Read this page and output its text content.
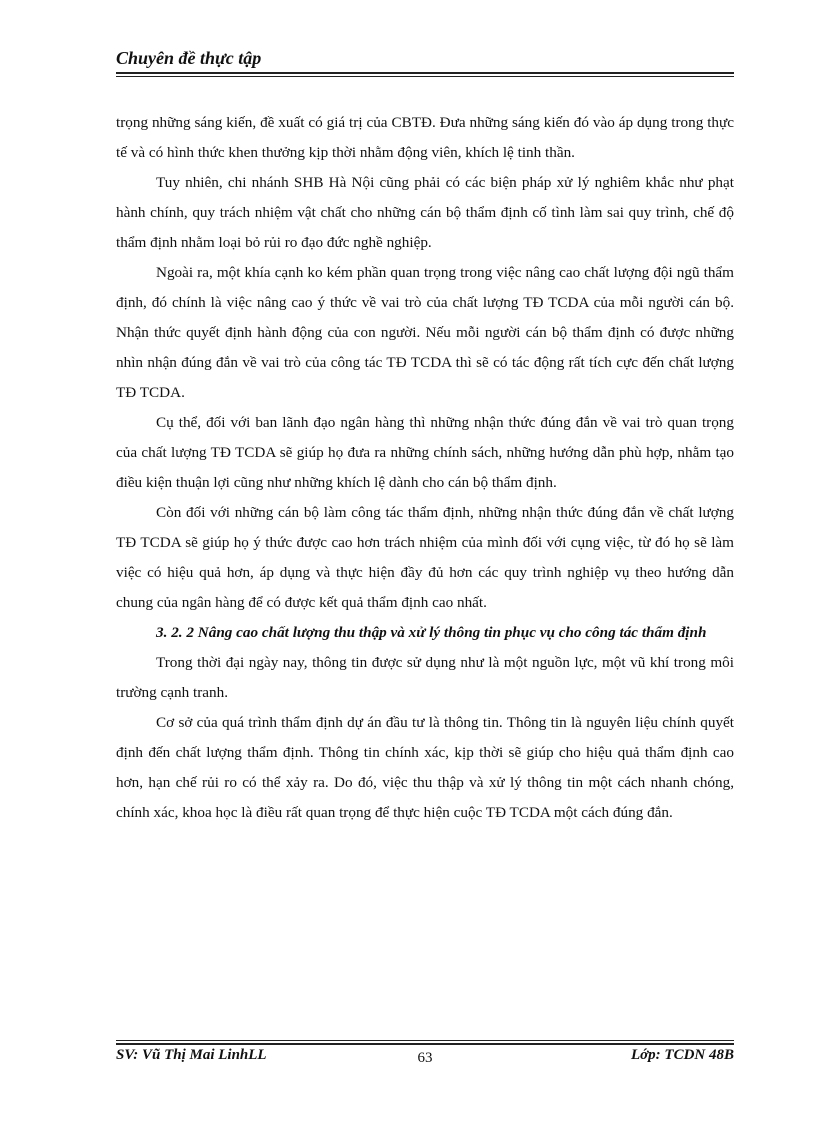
Chuyên đề thực tập

trọng những sáng kiến, đề xuất có giá trị của CBTĐ. Đưa những sáng kiến đó vào áp dụng trong thực tế và có hình thức khen thưởng kịp thời nhằm động viên, khích lệ tinh thần.

Tuy nhiên, chi nhánh SHB Hà Nội cũng phải có các biện pháp xử lý nghiêm khắc như phạt hành chính, quy trách nhiệm vật chất cho những cán bộ thẩm định cố tình làm sai quy trình, chế độ thẩm định nhằm loại bỏ rủi ro đạo đức nghề nghiệp.

Ngoài ra, một khía cạnh ko kém phần quan trọng trong việc nâng cao chất lượng đội ngũ thẩm định, đó chính là việc nâng cao ý thức về vai trò của chất lượng TĐ TCDA của mỗi người cán bộ. Nhận thức quyết định hành động của con người. Nếu mỗi người cán bộ thẩm định có được những nhìn nhận đúng đắn về vai trò của công tác TĐ TCDA thì sẽ có tác động rất tích cực đến chất lượng TĐ TCDA.

Cụ thể, đối với ban lãnh đạo ngân hàng thì những nhận thức đúng đắn về vai trò quan trọng của chất lượng TĐ TCDA sẽ giúp họ đưa ra những chính sách, những hướng dẫn phù hợp, nhằm tạo điều kiện thuận lợi cũng như những khích lệ dành cho cán bộ thẩm định.

Còn đối với những cán bộ làm công tác thẩm định, những nhận thức đúng đắn về chất lượng TĐ TCDA sẽ giúp họ ý thức được cao hơn trách nhiệm của mình đối với cụng việc, từ đó họ sẽ làm việc có hiệu quả hơn, áp dụng và thực hiện đầy đủ hơn các quy trình nghiệp vụ theo hướng dẫn chung của ngân hàng để có được kết quả thẩm định cao nhất.

3. 2. 2 Nâng cao chất lượng thu thập và xử lý thông tin phục vụ cho công tác thẩm định

Trong thời đại ngày nay, thông tin được sử dụng như là một nguồn lực, một vũ khí trong môi trường cạnh tranh.

Cơ sở của quá trình thẩm định dự án đầu tư là thông tin. Thông tin là nguyên liệu chính quyết định đến chất lượng thẩm định. Thông tin chính xác, kịp thời sẽ giúp cho hiệu quả thẩm định cao hơn, hạn chế rủi ro có thể xảy ra. Do đó, việc thu thập và xử lý thông tin một cách nhanh chóng, chính xác, khoa học là điều rất quan trọng để thực hiện cuộc TĐ TCDA một cách đúng đắn.

SV: Vũ Thị Mai LinhLL	63	Lớp: TCDN 48B
